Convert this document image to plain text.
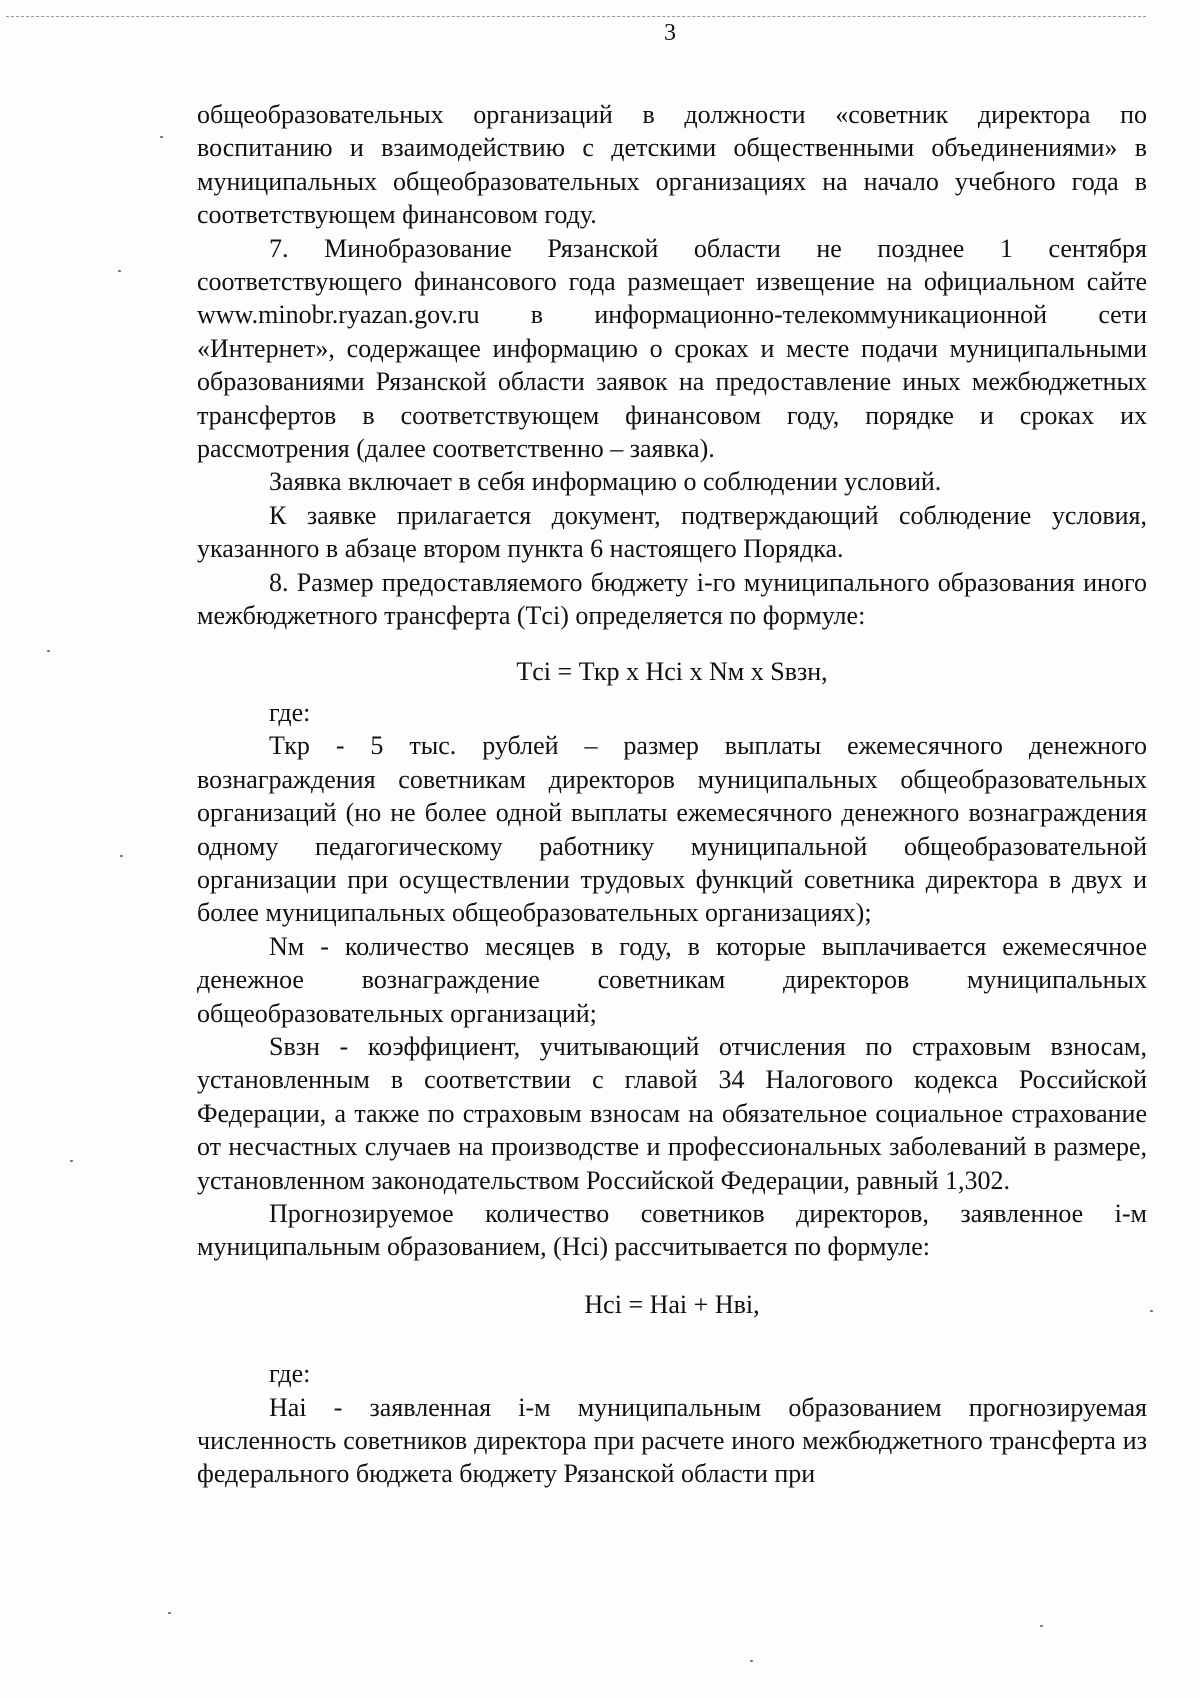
3

общеобразовательных организаций в должности «советник директора по воспитанию и взаимодействию с детскими общественными объединениями» в муниципальных общеобразовательных организациях на начало учебного года в соответствующем финансовом году.

7. Минобразование Рязанской области не позднее 1 сентября соответствующего финансового года размещает извещение на официальном сайте www.minobr.ryazan.gov.ru в информационно-телекоммуникационной сети «Интернет», содержащее информацию о сроках и месте подачи муниципальными образованиями Рязанской области заявок на предоставление иных межбюджетных трансфертов в соответствующем финансовом году, порядке и сроках их рассмотрения (далее соответственно – заявка).

Заявка включает в себя информацию о соблюдении условий.

К заявке прилагается документ, подтверждающий соблюдение условия, указанного в абзаце втором пункта 6 настоящего Порядка.

8. Размер предоставляемого бюджету i-го муниципального образования иного межбюджетного трансферта (Тci) определяется по формуле:

Тci = Ткр х Нci х Nм х Sвзн,

где:

Ткр - 5 тыс. рублей – размер выплаты ежемесячного денежного вознаграждения советникам директоров муниципальных общеобразовательных организаций (но не более одной выплаты ежемесячного денежного вознаграждения одному педагогическому работнику муниципальной общеобразовательной организации при осуществлении трудовых функций советника директора в двух и более муниципальных общеобразовательных организациях);

Nм - количество месяцев в году, в которые выплачивается ежемесячное денежное вознаграждение советникам директоров муниципальных общеобразовательных организаций;

Sвзн - коэффициент, учитывающий отчисления по страховым взносам, установленным в соответствии с главой 34 Налогового кодекса Российской Федерации, а также по страховым взносам на обязательное социальное страхование от несчастных случаев на производстве и профессиональных заболеваний в размере, установленном законодательством Российской Федерации, равный 1,302.

Прогнозируемое количество советников директоров, заявленное i-м муниципальным образованием, (Нci) рассчитывается по формуле:

Нci = Наi + Нвi,

где:

Наi - заявленная i-м муниципальным образованием прогнозируемая численность советников директора при расчете иного межбюджетного трансферта из федерального бюджета бюджету Рязанской области при
